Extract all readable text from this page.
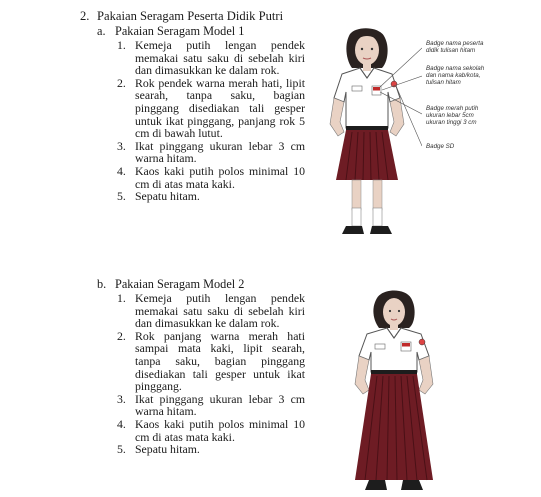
2. Pakaian Seragam Peserta Didik Putri
a. Pakaian Seragam Model 1
1. Kemeja putih lengan pendek memakai satu saku di sebelah kiri dan dimasukkan ke dalam rok.
2. Rok pendek warna merah hati, lipit searah, tanpa saku, bagian pinggang disediakan tali gesper untuk ikat pinggang, panjang rok 5 cm di bawah lutut.
3. Ikat pinggang ukuran lebar 3 cm warna hitam.
4. Kaos kaki putih polos minimal 10 cm di atas mata kaki.
5. Sepatu hitam.
Badge nama peserta
didik tulisan hitam
Badge nama sekolah
dan nama kab/kota,
tulisan hitam
Badge merah putih
ukuran lebar 5cm
ukuran tinggi 3 cm
Badge SD
b. Pakaian Seragam Model 2
1. Kemeja putih lengan pendek memakai satu saku di sebelah kiri dan dimasukkan ke dalam rok.
2. Rok panjang warna merah hati sampai mata kaki, lipit searah, tanpa saku, bagian pinggang disediakan tali gesper untuk ikat pinggang.
3. Ikat pinggang ukuran lebar 3 cm warna hitam.
4. Kaos kaki putih polos minimal 10 cm di atas mata kaki.
5. Sepatu hitam.
